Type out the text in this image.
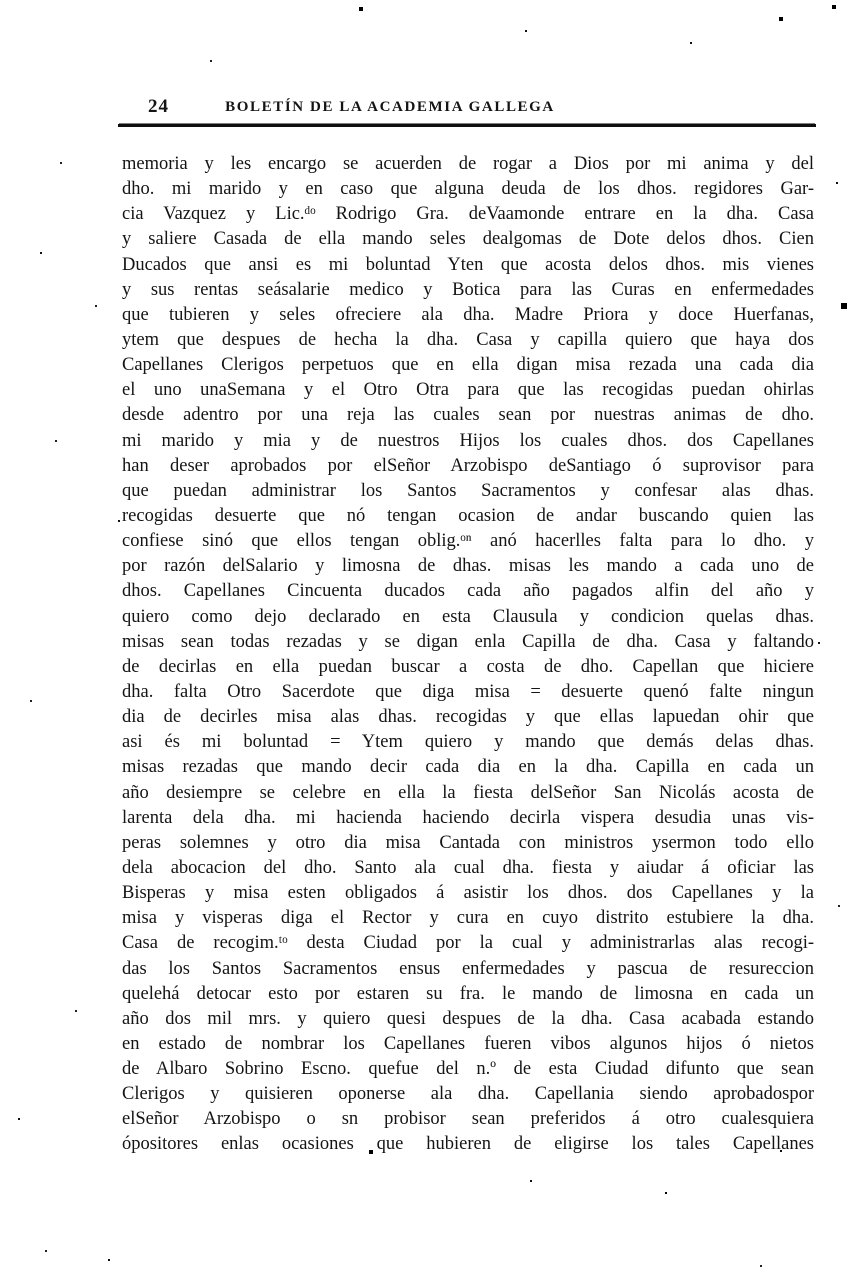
24	BOLETÍN DE LA ACADEMIA GALLEGA
memoria y les encargo se acuerden de rogar a Dios por mi anima y del
dho. mi marido y en caso que alguna deuda de los dhos. regidores Gar-
cia Vazquez y Lic.ᵈᵒ Rodrigo Gra. deVaamonde entrare en la dha. Casa
y saliere Casada de ella mando seles dealgomas de Dote delos dhos. Cien
Ducados que ansi es mi boluntad Yten que acosta delos dhos. mis vienes
y sus rentas seásalarie medico y Botica para las Curas en enfermedades
que tubieren y seles ofreciere ala dha. Madre Priora y doce Huerfanas,
ytem que despues de hecha la dha. Casa y capilla quiero que haya dos
Capellanes Clerigos perpetuos que en ella digan misa rezada una cada dia
el uno unaSemana y el Otro Otra para que las recogidas puedan ohirlas
desde adentro por una reja las cuales sean por nuestras animas de dho.
mi marido y mia y de nuestros Hijos los cuales dhos. dos Capellanes
han deser aprobados por elSeñor Arzobispo deSantiago ó suprovisor para
que puedan administrar los Santos Sacramentos y confesar alas dhas.
recogidas desuerte que nó tengan ocasion de andar buscando quien las
confiese sinó que ellos tengan oblig.ᵒⁿ anó hacerlles falta para lo dho. y
por razón delSalario y limosna de dhas. misas les mando a cada uno de
dhos. Capellanes Cincuenta ducados cada año pagados alfin del año y
quiero como dejo declarado en esta Clausula y condicion quelas dhas.
misas sean todas rezadas y se digan enla Capilla de dha. Casa y faltando
de decirlas en ella puedan buscar a costa de dho. Capellan que hiciere
dha. falta Otro Sacerdote que diga misa = desuerte quenó falte ningun
dia de decirles misa alas dhas. recogidas y que ellas lapuedan ohir que
asi és mi boluntad = Ytem quiero y mando que demás delas dhas.
misas rezadas que mando decir cada dia en la dha. Capilla en cada un
año desiempre se celebre en ella la fiesta delSeñor San Nicolás acosta de
larenta dela dha. mi hacienda haciendo decirla vispera desudia unas vis-
peras solemnes y otro dia misa Cantada con ministros ysermon todo ello
dela abocacion del dho. Santo ala cual dha. fiesta y aiudar á oficiar las
Bisperas y misa esten obligados á asistir los dhos. dos Capellanes y la
misa y visperas diga el Rector y cura en cuyo distrito estubiere la dha.
Casa de recogim.ᵗᵒ desta Ciudad por la cual y administrarlas alas recogi-
das los Santos Sacramentos ensus enfermedades y pascua de resureccion
quelehá detocar esto por estaren su fra. le mando de limosna en cada un
año dos mil mrs. y quiero quesi despues de la dha. Casa acabada estando
en estado de nombrar los Capellanes fueren vibos algunos hijos ó nietos
de Albaro Sobrino Escno. quefue del n.º de esta Ciudad difunto que sean
Clerigos y quisieren oponerse ala dha. Capellania siendo aprobadospor
elSeñor Arzobispo o sn probisor sean preferidos á otro cualesquiera
ópositores enlas ocasiones que hubieren de eligirse los tales Capellanes
